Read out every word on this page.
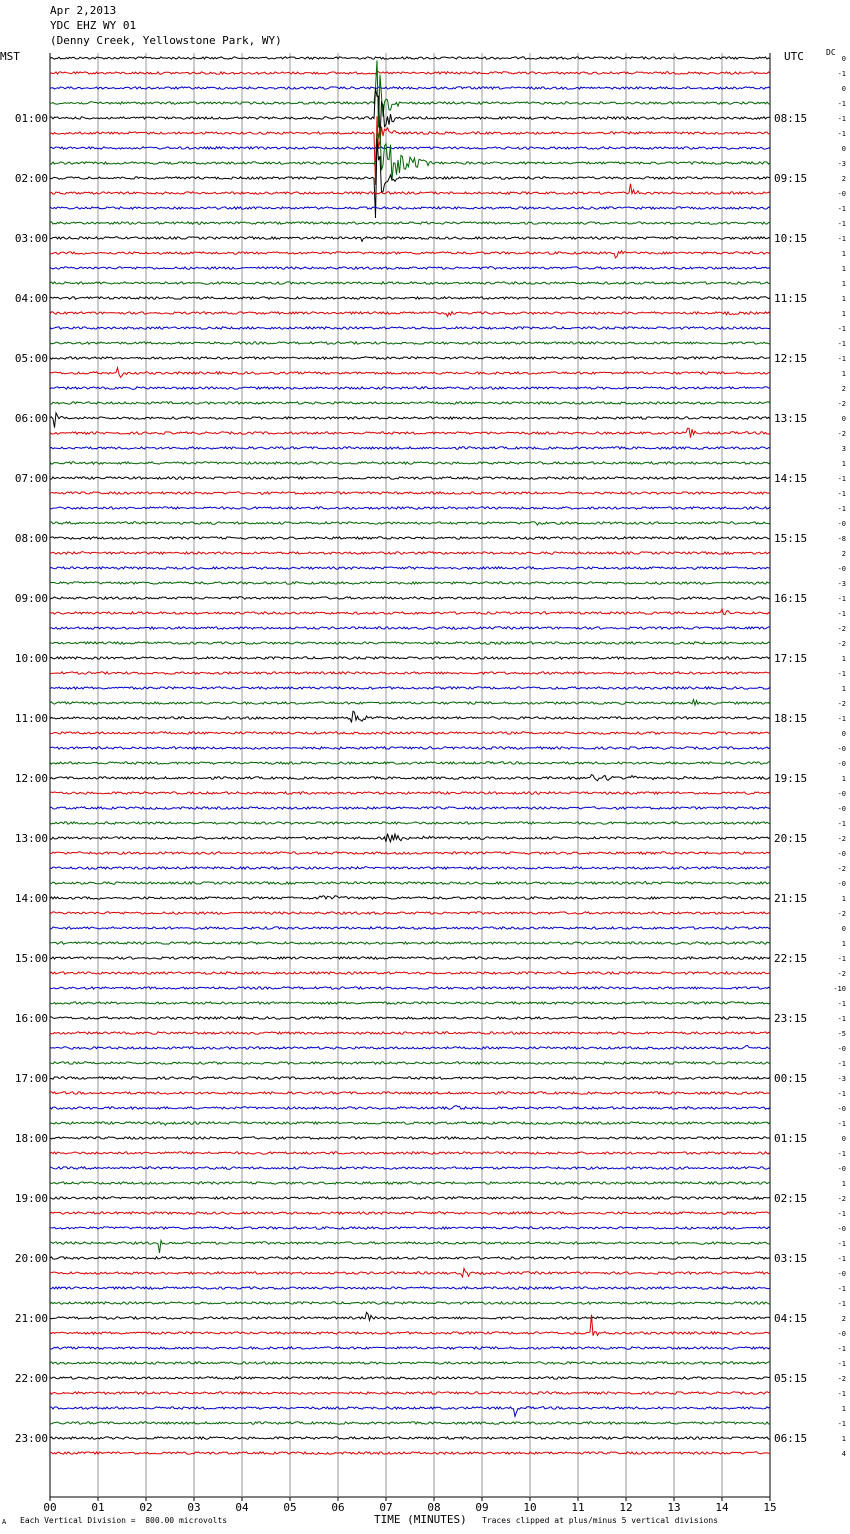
Apr 2,2013
YDC EHZ WY 01
(Denny Creek, Yellowstone Park, WY)
MST	UTC	DC
00	01	02	03	04	05	06	07	08	09	10	11	12	13	14	15
0
-1
0
-1
-1
-1
0
-3
2
-0
-1
-1
-1
1
1
1
1
1
-1
-1
-1
1
2
-2
0
-2
3
1
-1
-1
-1
-0
-8
2
-0
-3
-1
-1
-2
-2
1
-1
1
-2
-1
0
-0
-0
1
-0
-0
-1
-2
-0
-2
-0
1
-2
0
1
-1
-2
-10
-1
-1
-5
-0
-1
-3
-1
-0
-1
0
-1
-0
1
-2
-1
-0
-1
-1
-0
-1
-1
2
-0
-1
-1
-2
-1
1
-1
1
4
01:00
02:00
03:00
04:00
05:00
06:00
07:00
08:00
09:00
10:00
11:00
12:00
13:00
14:00
15:00
16:00
17:00
18:00
19:00
20:00
21:00
22:00
23:00
08:15
09:15
10:15
11:15
12:15
13:15
14:15
15:15
16:15
17:15
18:15
19:15
20:15
21:15
22:15
23:15
00:15
01:15
02:15
03:15
04:15
05:15
06:15
A Each Vertical Division =  800.00 microvolts	TIME (MINUTES) Traces clipped at plus/minus 5 vertical divisions
